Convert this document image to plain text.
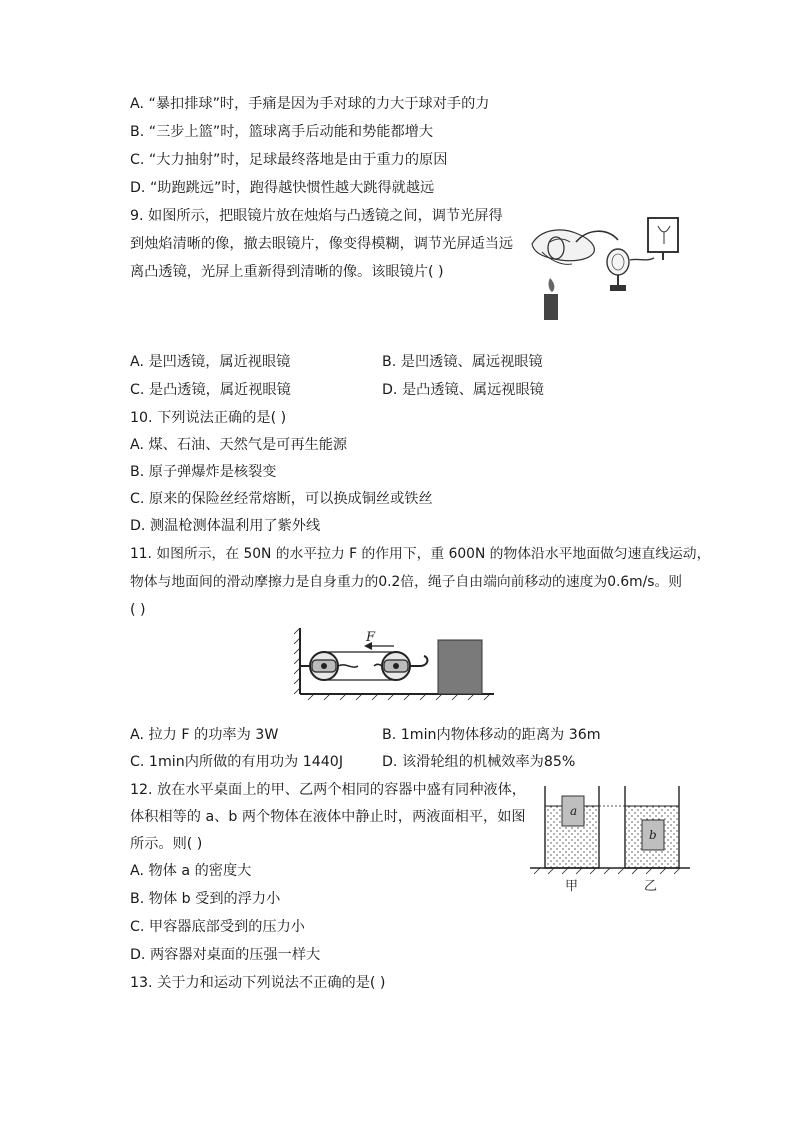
A. “暴扣排球”时，手痛是因为手对球的力大于球对手的力
B. “三步上篮”时，篮球离手后动能和势能都增大
C. “大力抽射”时，足球最终落地是由于重力的原因
D. “助跑跳远”时，跑得越快惯性越大跳得就越远
9. 如图所示，把眼镜片放在烛焰与凸透镜之间，调节光屏得
到烛焰清晰的像，撤去眼镜片，像变得模糊，调节光屏适当远
离凸透镜，光屏上重新得到清晰的像。该眼镜片( )
A. 是凹透镜，属近视眼镜	B. 是凹透镜、属远视眼镜
C. 是凸透镜，属近视眼镜	D. 是凸透镜、属远视眼镜
10. 下列说法正确的是( )
A. 煤、石油、天然气是可再生能源
B. 原子弹爆炸是核裂变
C. 原来的保险丝经常熔断，可以换成铜丝或铁丝
D. 测温枪测体温利用了紫外线
11. 如图所示，在 50N 的水平拉力 F 的作用下，重 600N 的物体沿水平地面做匀速直线运动，
物体与地面间的滑动摩擦力是自身重力的0.2倍，绳子自由端向前移动的速度为0.6m/s。则
( )
F
A. 拉力 F 的功率为 3W	B. 1min内物体移动的距离为 36m
C. 1min内所做的有用功为 1440J	D. 该滑轮组的机械效率为85%
12. 放在水平桌面上的甲、乙两个相同的容器中盛有同种液体，
体积相等的 a、b 两个物体在液体中静止时，两液面相平，如图
所示。则( )
A. 物体 a 的密度大
B. 物体 b 受到的浮力小
C. 甲容器底部受到的压力小
D. 两容器对桌面的压强一样大
a
b
甲	乙
13. 关于力和运动下列说法不正确的是( )
